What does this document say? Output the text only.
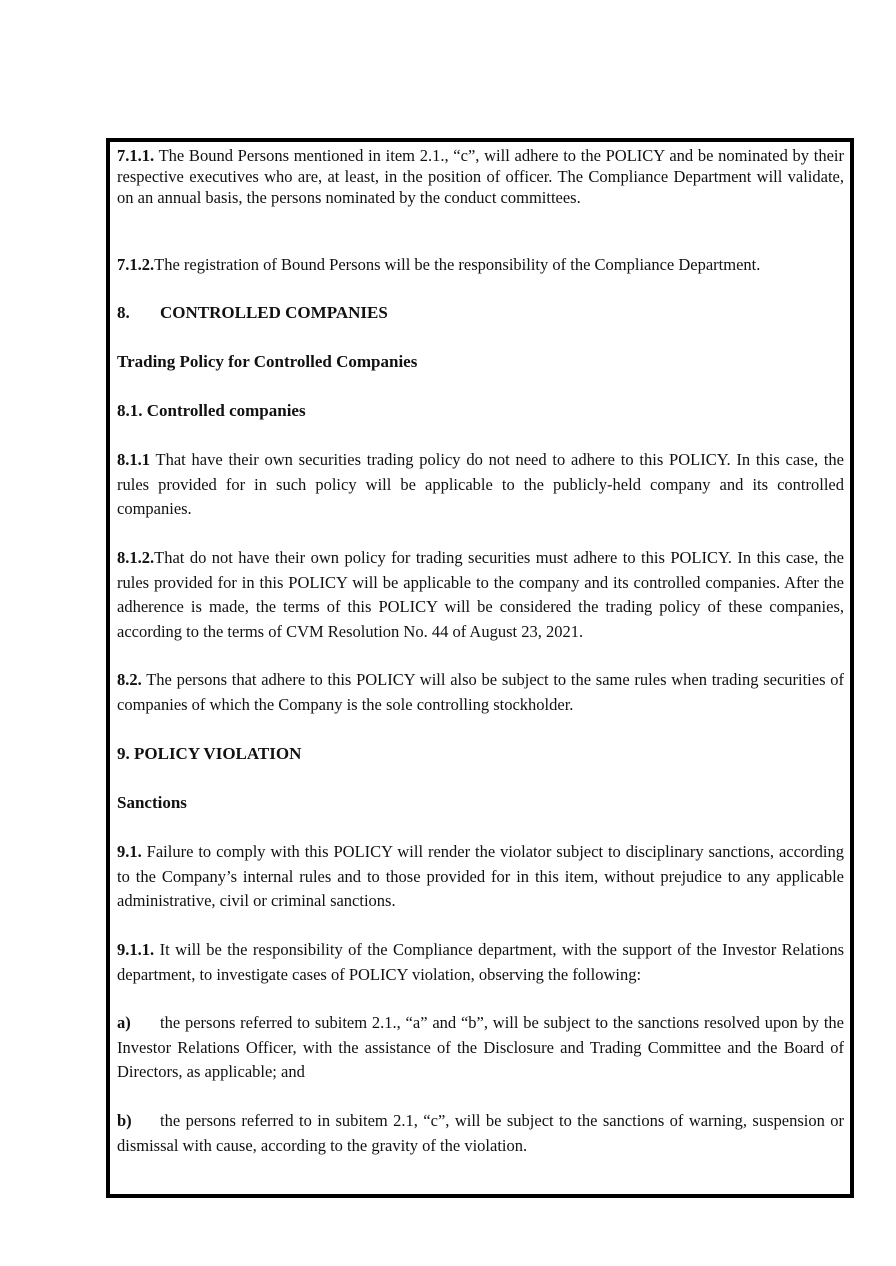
7.1.1. The Bound Persons mentioned in item 2.1., “c”, will adhere to the POLICY and be nominated by their respective executives who are, at least, in the position of officer. The Compliance Department will validate, on an annual basis, the persons nominated by the conduct committees.

7.1.2.The registration of Bound Persons will be the responsibility of the Compliance Department.

8. CONTROLLED COMPANIES
Trading Policy for Controlled Companies
8.1. Controlled companies

8.1.1 That have their own securities trading policy do not need to adhere to this POLICY. In this case, the rules provided for in such policy will be applicable to the publicly-held company and its controlled companies.

8.1.2.That do not have their own policy for trading securities must adhere to this POLICY. In this case, the rules provided for in this POLICY will be applicable to the company and its controlled companies. After the adherence is made, the terms of this POLICY will be considered the trading policy of these companies, according to the terms of CVM Resolution No. 44 of August 23, 2021.

8.2. The persons that adhere to this POLICY will also be subject to the same rules when trading securities of companies of which the Company is the sole controlling stockholder.

9. POLICY VIOLATION
Sanctions

9.1. Failure to comply with this POLICY will render the violator subject to disciplinary sanctions, according to the Company’s internal rules and to those provided for in this item, without prejudice to any applicable administrative, civil or criminal sanctions.

9.1.1. It will be the responsibility of the Compliance department, with the support of the Investor Relations department, to investigate cases of POLICY violation, observing the following:

a) the persons referred to subitem 2.1., “a” and “b”, will be subject to the sanctions resolved upon by the Investor Relations Officer, with the assistance of the Disclosure and Trading Committee and the Board of Directors, as applicable; and

b) the persons referred to in subitem 2.1, “c”, will be subject to the sanctions of warning, suspension or dismissal with cause, according to the gravity of the violation.
